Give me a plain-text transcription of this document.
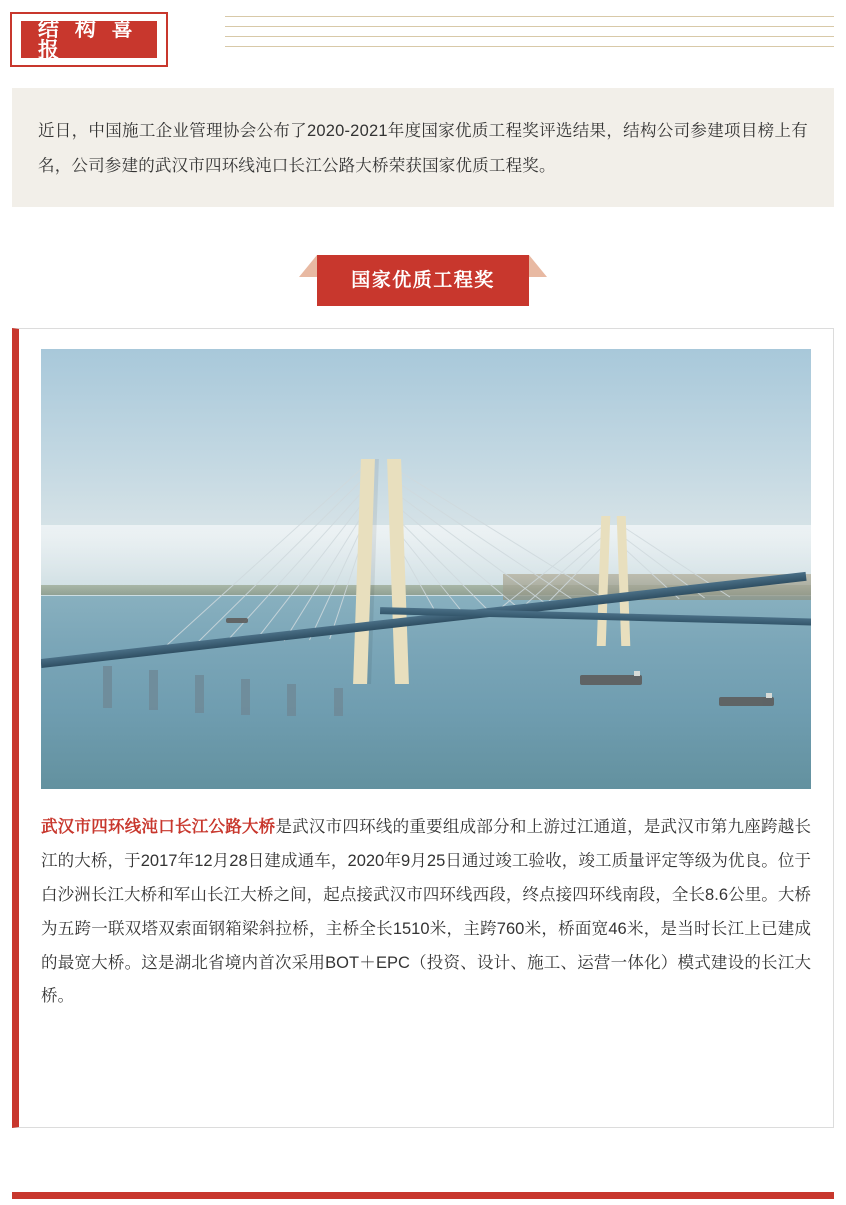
结 构 喜 报

近日，中国施工企业管理协会公布了2020-2021年度国家优质工程奖评选结果，结构公司参建项目榜上有名，公司参建的武汉市四环线沌口长江公路大桥荣获国家优质工程奖。

国家优质工程奖
武汉市四环线沌口长江公路大桥是武汉市四环线的重要组成部分和上游过江通道，是武汉市第九座跨越长江的大桥，于2017年12月28日建成通车，2020年9月25日通过竣工验收，竣工质量评定等级为优良。位于白沙洲长江大桥和军山长江大桥之间，起点接武汉市四环线西段，终点接四环线南段，全长8.6公里。大桥为五跨一联双塔双索面钢箱梁斜拉桥，主桥全长1510米，主跨760米，桥面宽46米，是当时长江上已建成的最宽大桥。这是湖北省境内首次采用BOT＋EPC（投资、设计、施工、运营一体化）模式建设的长江大桥。
